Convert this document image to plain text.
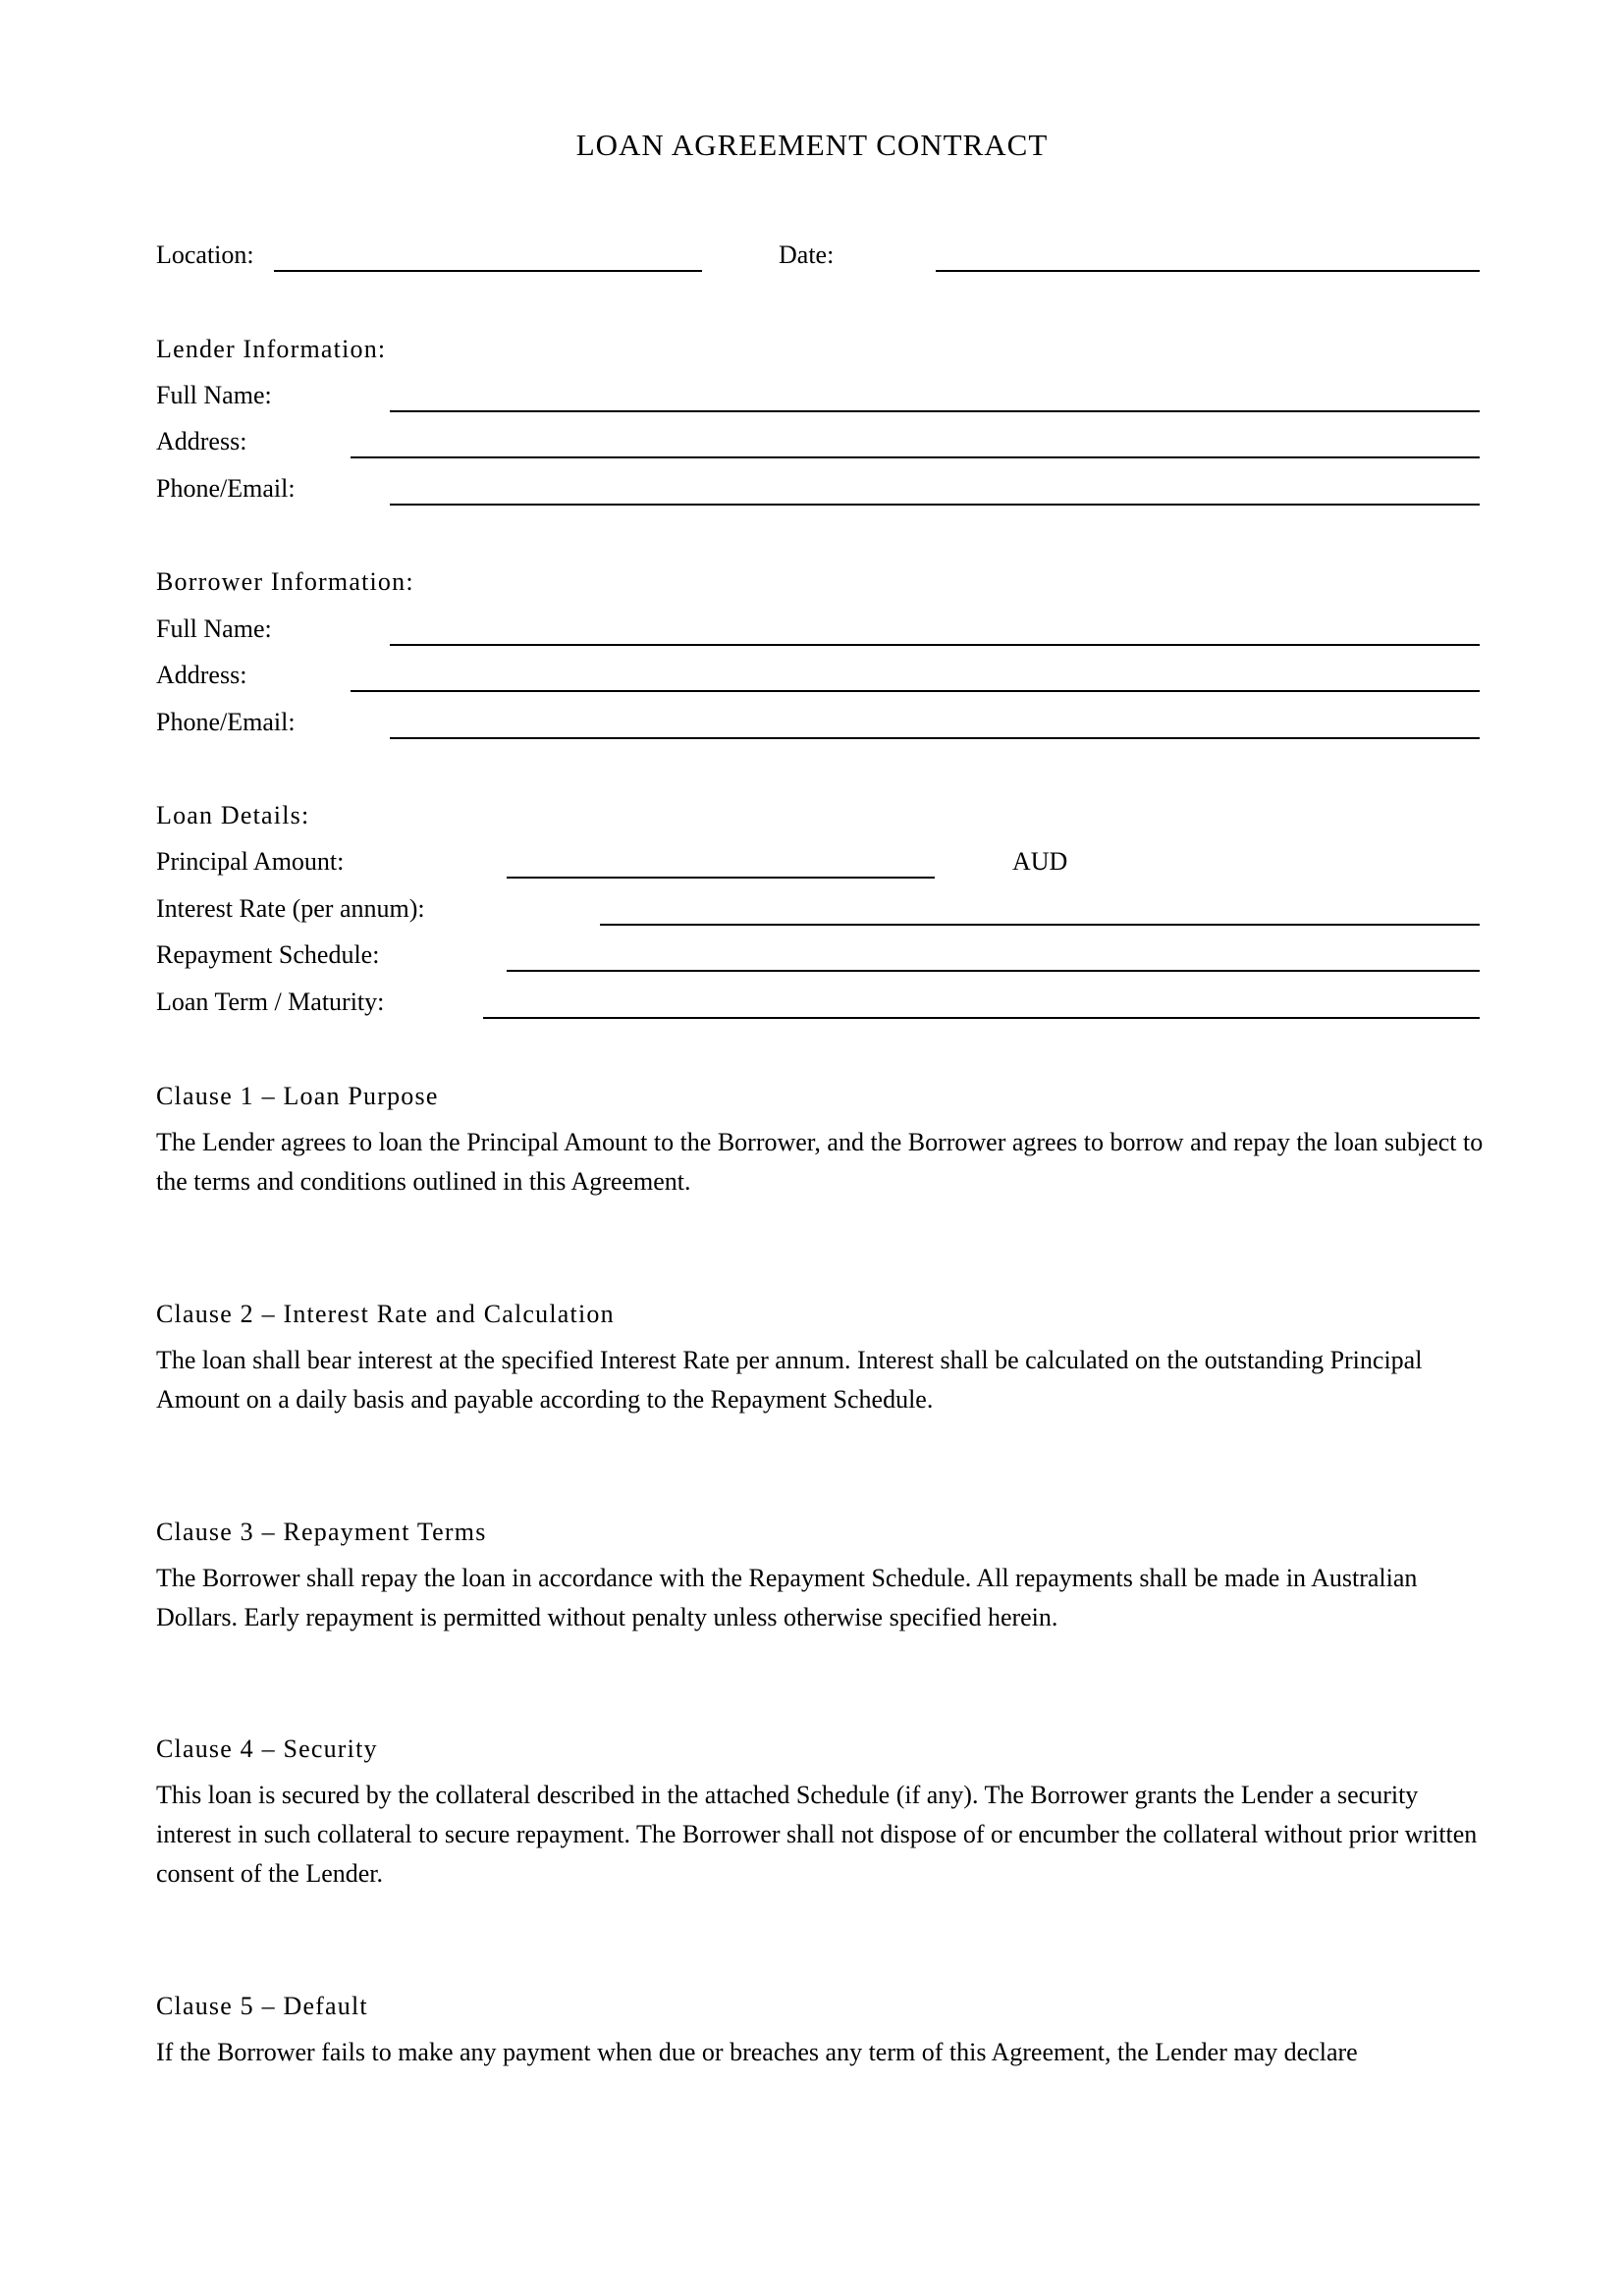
LOAN AGREEMENT CONTRACT
Location:	Date:
Lender Information:
Full Name:
Address:
Phone/Email:
Borrower Information:
Full Name:
Address:
Phone/Email:
Loan Details:
Principal Amount:	AUD
Interest Rate (per annum):
Repayment Schedule:
Loan Term / Maturity:
Clause 1 – Loan Purpose
The Lender agrees to loan the Principal Amount to the Borrower, and the Borrower agrees to borrow and repay the loan subject to the terms and conditions outlined in this Agreement.
Clause 2 – Interest Rate and Calculation
The loan shall bear interest at the specified Interest Rate per annum. Interest shall be calculated on the outstanding Principal Amount on a daily basis and payable according to the Repayment Schedule.
Clause 3 – Repayment Terms
The Borrower shall repay the loan in accordance with the Repayment Schedule. All repayments shall be made in Australian Dollars. Early repayment is permitted without penalty unless otherwise specified herein.
Clause 4 – Security
This loan is secured by the collateral described in the attached Schedule (if any). The Borrower grants the Lender a security interest in such collateral to secure repayment. The Borrower shall not dispose of or encumber the collateral without prior written consent of the Lender.
Clause 5 – Default
If the Borrower fails to make any payment when due or breaches any term of this Agreement, the Lender may declare
